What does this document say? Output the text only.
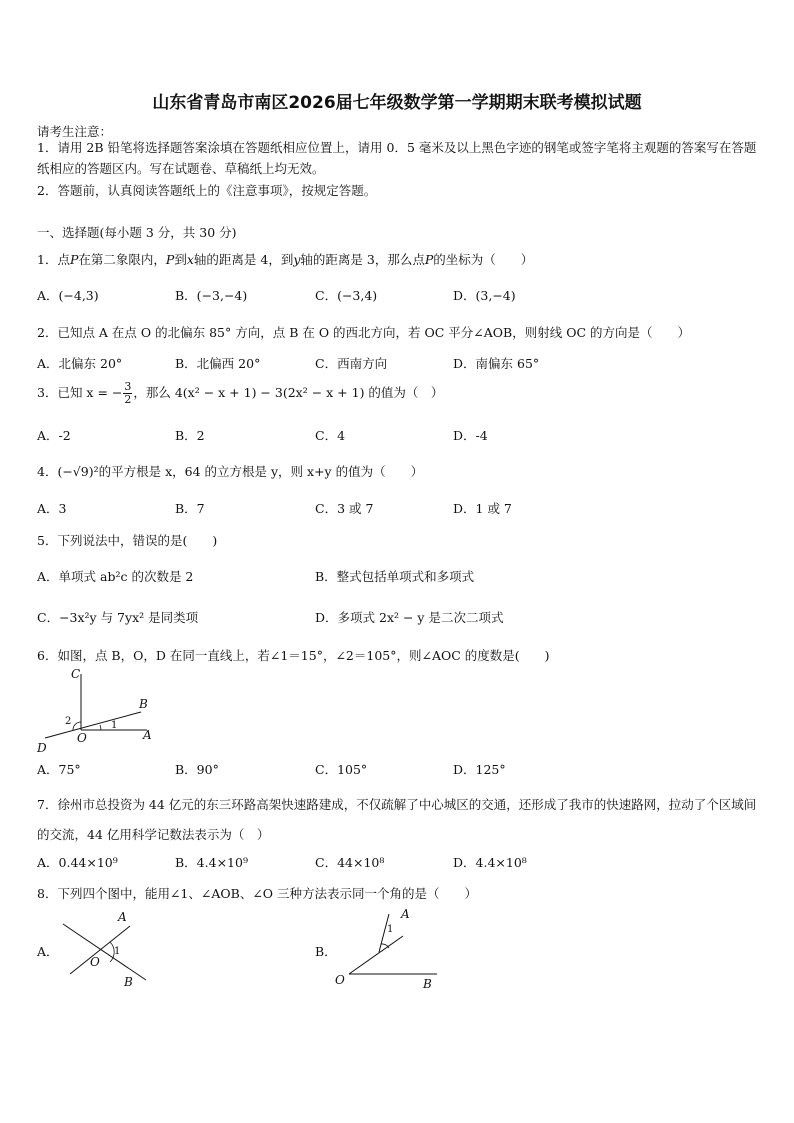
山东省青岛市南区2026届七年级数学第一学期期末联考模拟试题
请考生注意：
1．请用 2B 铅笔将选择题答案涂填在答题纸相应位置上，请用 0．5 毫米及以上黑色字迹的钢笔或签字笔将主观题的答案写在答题纸相应的答题区内。写在试题卷、草稿纸上均无效。
2．答题前，认真阅读答题纸上的《注意事项》，按规定答题。
一、选择题(每小题 3 分，共 30 分)
1．点P在第二象限内，P到x轴的距离是 4，到y轴的距离是 3，那么点P的坐标为（　　）
A．(−4,3)	B．(−3,−4)	C．(−3,4)	D．(3,−4)
2．已知点 A 在点 O 的北偏东 85° 方向，点 B 在 O 的西北方向，若 OC 平分∠AOB，则射线 OC 的方向是（　　）
A．北偏东 20°	B．北偏西 20°	C．西南方向	D．南偏东 65°
3．已知 x = − $\frac{3}{2}$ ，那么 4(x² − x + 1) − 3(2x² − x + 1) 的值为（　）
A．-2	B．2	C．4	D．-4
4．(−√9)²的平方根是 x，64 的立方根是 y，则 x+y 的值为（　　）
A．3	B．7	C．3 或 7	D．1 或 7
5．下列说法中，错误的是(　　)
A．单项式 ab²c 的次数是 2	B．整式包括单项式和多项式
C．−3x²y 与 7yx² 是同类项	D．多项式 2x² − y 是二次二项式
6．如图，点 B，O，D 在同一直线上，若∠1＝15°，∠2＝105°，则∠AOC 的度数是(　　)
C
B
O	A
D
1
2
A．75°	B．90°	C．105°	D．125°
7．徐州市总投资为 44 亿元的东三环路高架快速路建成，不仅疏解了中心城区的交通，还形成了我市的快速路网，拉动了个区域间的交流，44 亿用科学记数法表示为（　）
A．0.44×10⁹	B．4.4×10⁹	C．44×10⁸	D．4.4×10⁸
8．下列四个图中，能用∠1、∠AOB、∠O 三种方法表示同一个角的是（　　）
A．
A
B
O
1	B．
A
B
O
1
